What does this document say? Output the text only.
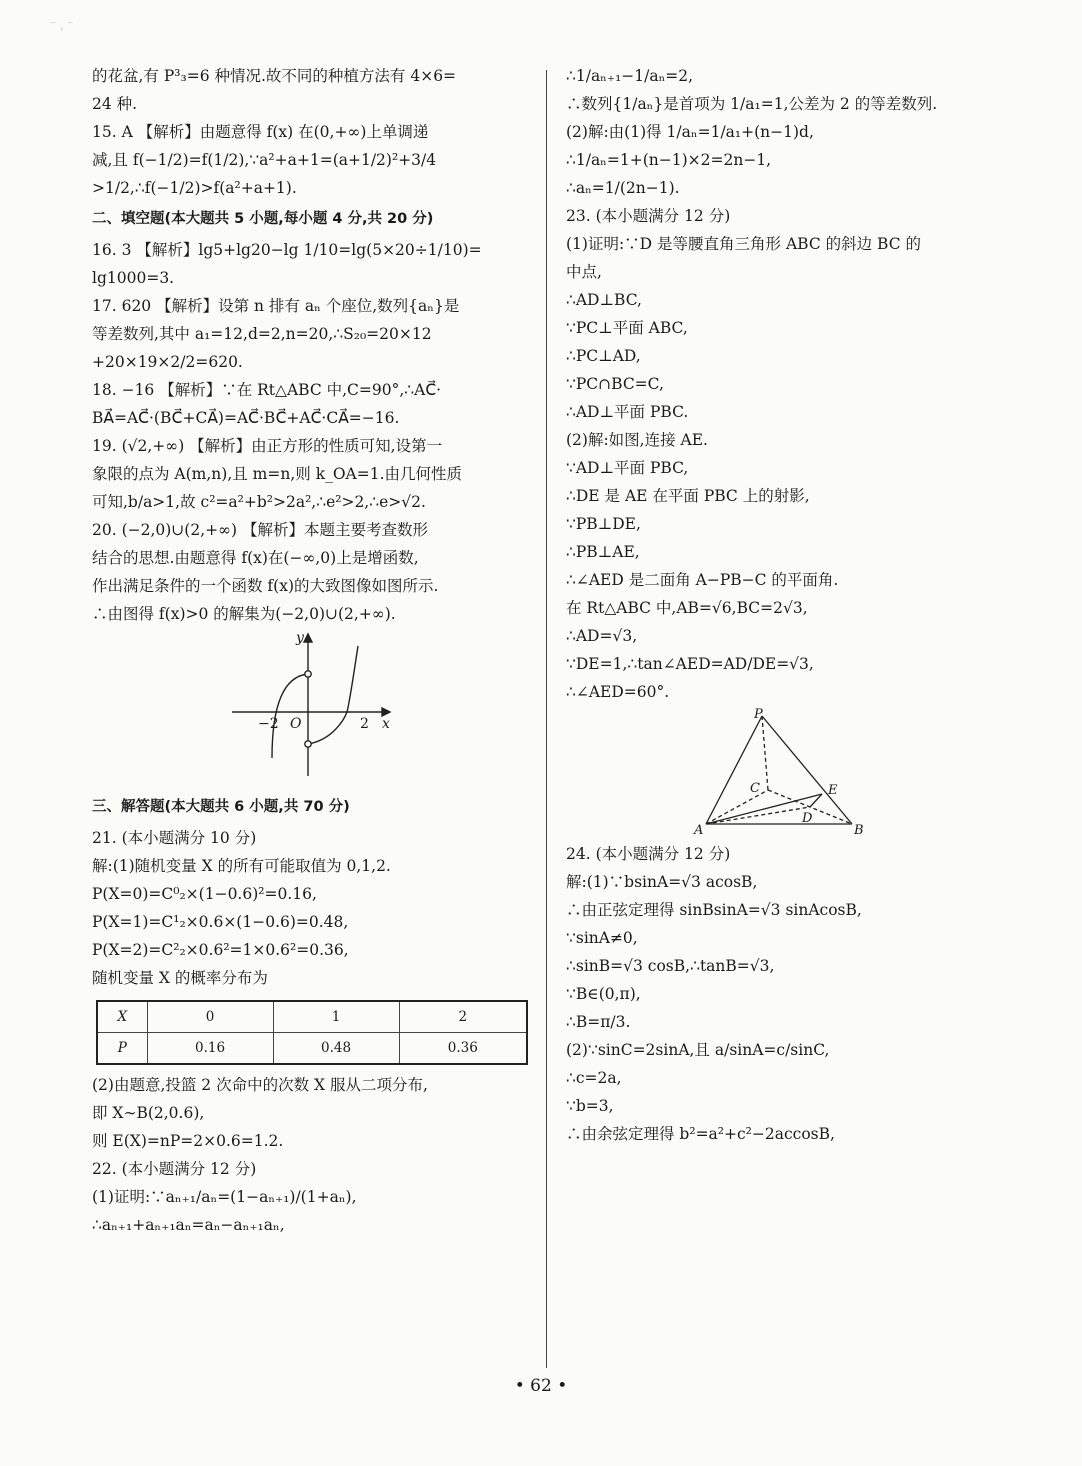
⁻ ˌ ⁻
的花盆,有 P³₃=6 种情况.故不同的种植方法有 4×6=
24 种.
15. A 【解析】由题意得 f(x) 在(0,+∞)上单调递
减,且 f(−1/2)=f(1/2),∵a²+a+1=(a+1/2)²+3/4
>1/2,∴f(−1/2)>f(a²+a+1).
二、填空题(本大题共 5 小题,每小题 4 分,共 20 分)
16. 3 【解析】lg5+lg20−lg 1/10=lg(5×20÷1/10)=
lg1000=3.
17. 620 【解析】设第 n 排有 aₙ 个座位,数列{aₙ}是
等差数列,其中 a₁=12,d=2,n=20,∴S₂₀=20×12
+20×19×2/2=620.
18. −16 【解析】∵在 Rt△ABC 中,C=90°,∴AC⃗·
BA⃗=AC⃗·(BC⃗+CA⃗)=AC⃗·BC⃗+AC⃗·CA⃗=−16.
19. (√2,+∞) 【解析】由正方形的性质可知,设第一
象限的点为 A(m,n),且 m=n,则 k_OA=1.由几何性质
可知,b/a>1,故 c²=a²+b²>2a²,∴e²>2,∴e>√2.
20. (−2,0)∪(2,+∞) 【解析】本题主要考查数形
结合的思想.由题意得 f(x)在(−∞,0)上是增函数,
作出满足条件的一个函数 f(x)的大致图像如图所示.
∴由图得 f(x)>0 的解集为(−2,0)∪(2,+∞).
y
x
−2 O	2
三、解答题(本大题共 6 小题,共 70 分)
21. (本小题满分 10 分)
解:(1)随机变量 X 的所有可能取值为 0,1,2.
P(X=0)=C⁰₂×(1−0.6)²=0.16,
P(X=1)=C¹₂×0.6×(1−0.6)=0.48,
P(X=2)=C²₂×0.6²=1×0.6²=0.36,
随机变量 X 的概率分布为
X	0	1	2
P	0.16	0.48	0.36
(2)由题意,投篮 2 次命中的次数 X 服从二项分布,
即 X∼B(2,0.6),
则 E(X)=nP=2×0.6=1.2.
22. (本小题满分 12 分)
(1)证明:∵aₙ₊₁/aₙ=(1−aₙ₊₁)/(1+aₙ),
∴aₙ₊₁+aₙ₊₁aₙ=aₙ−aₙ₊₁aₙ,
∴1/aₙ₊₁−1/aₙ=2,
∴数列{1/aₙ}是首项为 1/a₁=1,公差为 2 的等差数列.
(2)解:由(1)得 1/aₙ=1/a₁+(n−1)d,
∴1/aₙ=1+(n−1)×2=2n−1,
∴aₙ=1/(2n−1).
23. (本小题满分 12 分)
(1)证明:∵D 是等腰直角三角形 ABC 的斜边 BC 的
中点,
∴AD⊥BC,
∵PC⊥平面 ABC,
∴PC⊥AD,
∵PC∩BC=C,
∴AD⊥平面 PBC.
(2)解:如图,连接 AE.
∵AD⊥平面 PBC,
∴DE 是 AE 在平面 PBC 上的射影,
∵PB⊥DE,
∴PB⊥AE,
∴∠AED 是二面角 A−PB−C 的平面角.
在 Rt△ABC 中,AB=√6,BC=2√3,
∴AD=√3,
∵DE=1,∴tan∠AED=AD/DE=√3,
∴∠AED=60°.
P
C	E
D
A	B
24. (本小题满分 12 分)
解:(1)∵bsinA=√3 acosB,
∴由正弦定理得 sinBsinA=√3 sinAcosB,
∵sinA≠0,
∴sinB=√3 cosB,∴tanB=√3,
∵B∈(0,π),
∴B=π/3.
(2)∵sinC=2sinA,且 a/sinA=c/sinC,
∴c=2a,
∵b=3,
∴由余弦定理得 b²=a²+c²−2accosB,
• 62 •
